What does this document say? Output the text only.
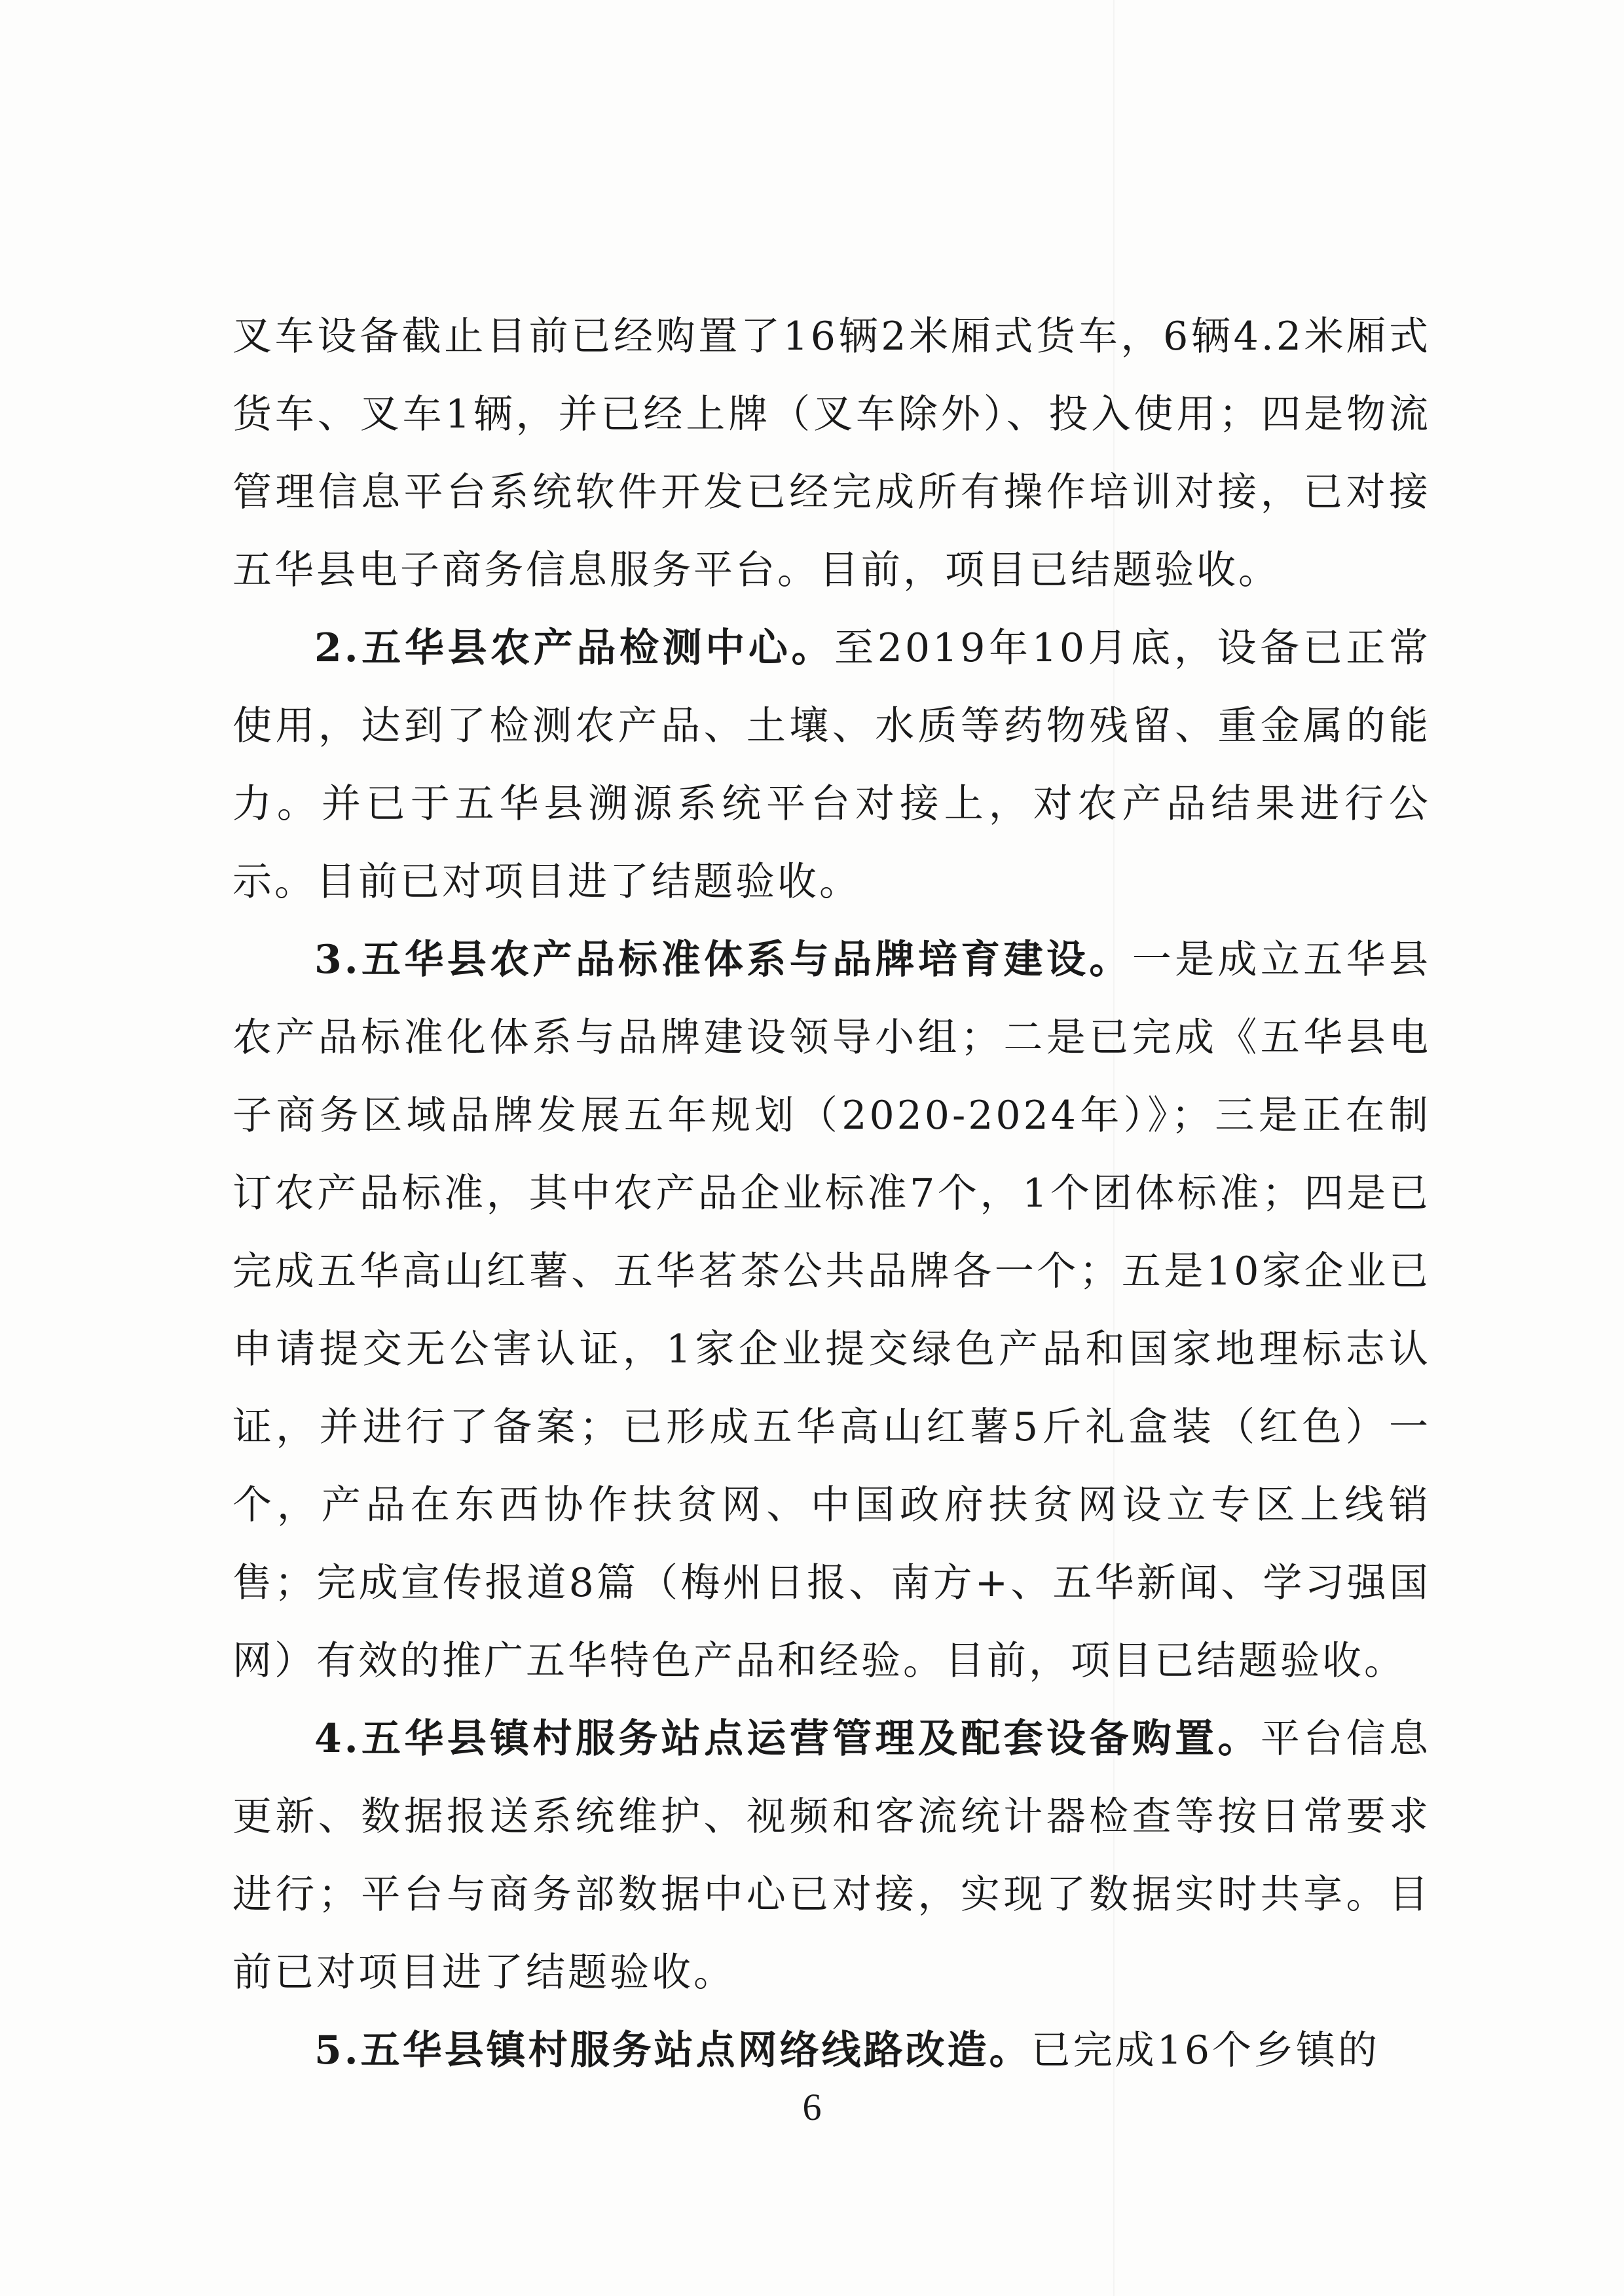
叉车设备截止目前已经购置了16辆2米厢式货车，6辆4.2米厢式货车、叉车1辆，并已经上牌（叉车除外）、投入使用；四是物流管理信息平台系统软件开发已经完成所有操作培训对接，已对接五华县电子商务信息服务平台。目前，项目已结题验收。

2.五华县农产品检测中心。至2019年10月底，设备已正常使用，达到了检测农产品、土壤、水质等药物残留、重金属的能力。并已于五华县溯源系统平台对接上，对农产品结果进行公示。目前已对项目进了结题验收。

3.五华县农产品标准体系与品牌培育建设。一是成立五华县农产品标准化体系与品牌建设领导小组；二是已完成《五华县电子商务区域品牌发展五年规划（2020-2024年）》；三是正在制订农产品标准，其中农产品企业标准7个，1个团体标准；四是已完成五华高山红薯、五华茗茶公共品牌各一个；五是10家企业已申请提交无公害认证，1家企业提交绿色产品和国家地理标志认证，并进行了备案；已形成五华高山红薯5斤礼盒装（红色）一个，产品在东西协作扶贫网、中国政府扶贫网设立专区上线销售；完成宣传报道8篇（梅州日报、南方+、五华新闻、学习强国网）有效的推广五华特色产品和经验。目前，项目已结题验收。

4.五华县镇村服务站点运营管理及配套设备购置。平台信息更新、数据报送系统维护、视频和客流统计器检查等按日常要求进行；平台与商务部数据中心已对接，实现了数据实时共享。目前已对项目进了结题验收。

5.五华县镇村服务站点网络线路改造。已完成16个乡镇的

6
